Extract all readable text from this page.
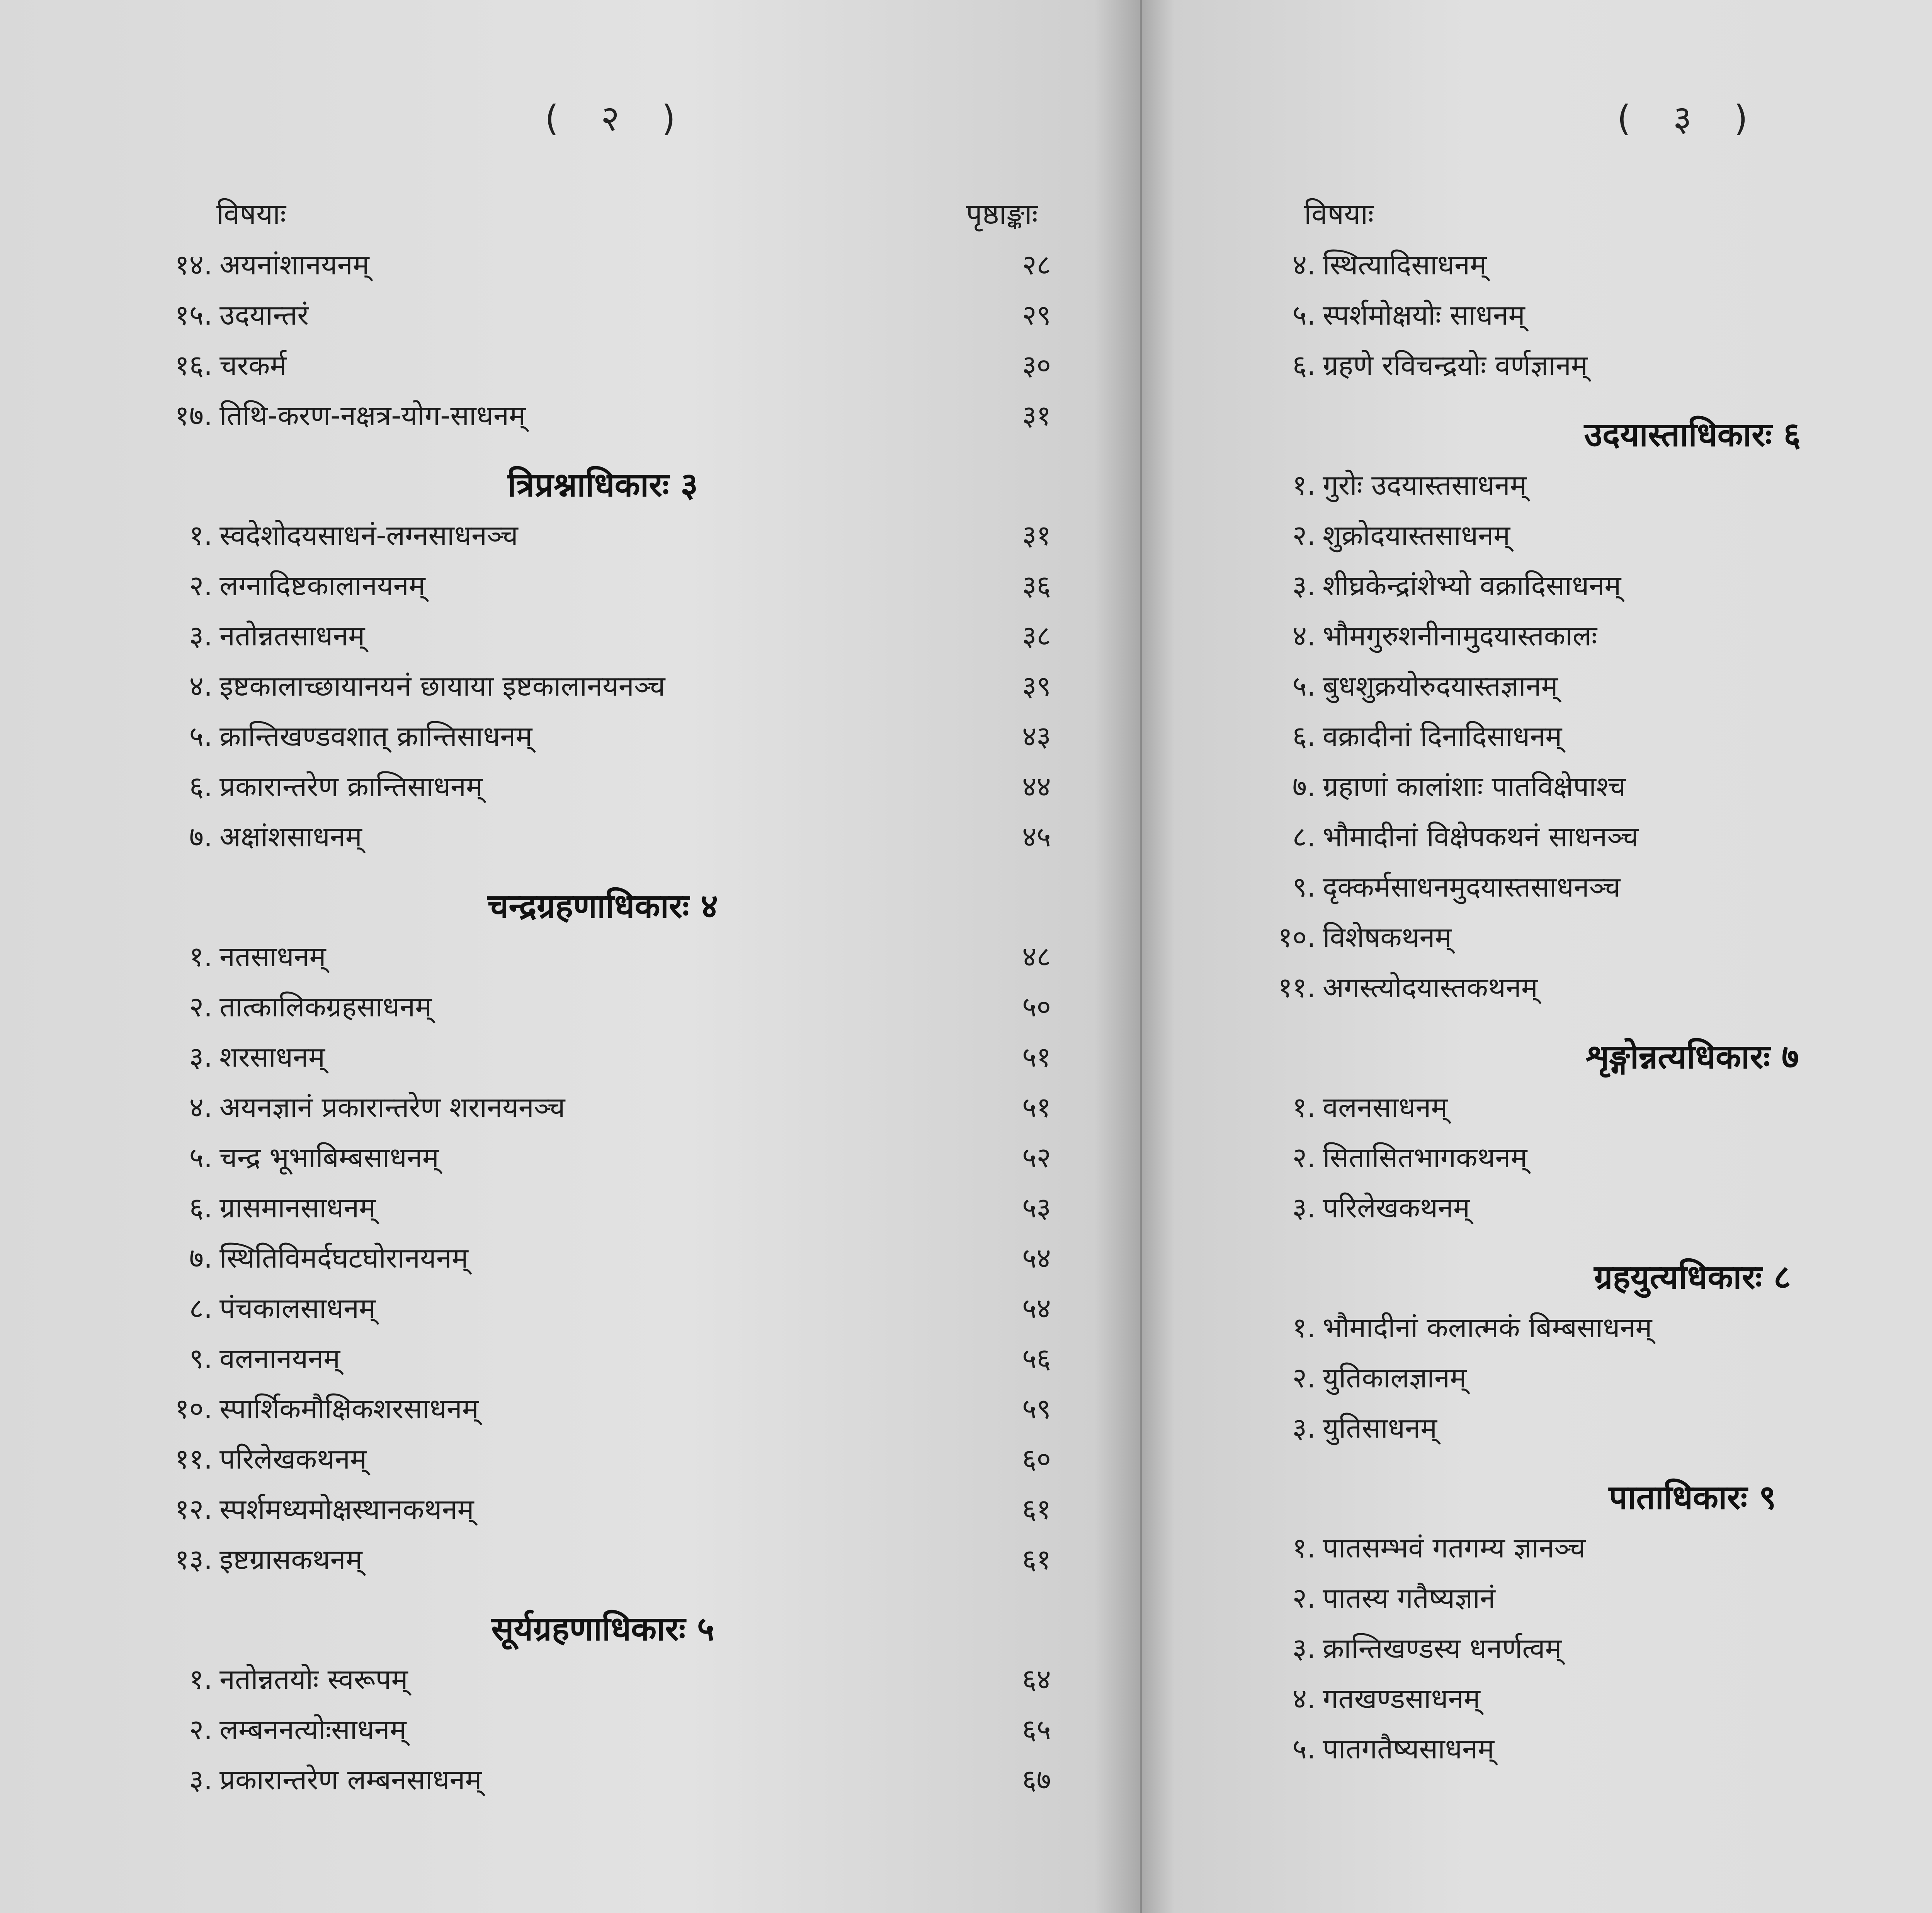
( २ )
विषयाः	पृष्ठाङ्काः
१४. अयनांशानयनम्	२८
१५. उदयान्तरं	२९
१६. चरकर्म	३०
१७. तिथि-करण-नक्षत्र-योग-साधनम्	३१
त्रिप्रश्नाधिकारः ३
१. स्वदेशोदयसाधनं-लग्नसाधनञ्च	३१
२. लग्नादिष्टकालानयनम्	३६
३. नतोन्नतसाधनम्	३८
४. इष्टकालाच्छायानयनं छायाया इष्टकालानयनञ्च	३९
५. क्रान्तिखण्डवशात् क्रान्तिसाधनम्	४३
६. प्रकारान्तरेण क्रान्तिसाधनम्	४४
७. अक्षांशसाधनम्	४५
चन्द्रग्रहणाधिकारः ४
१. नतसाधनम्	४८
२. तात्कालिकग्रहसाधनम्	५०
३. शरसाधनम्	५१
४. अयनज्ञानं प्रकारान्तरेण शरानयनञ्च	५१
५. चन्द्र भूभाबिम्बसाधनम्	५२
६. ग्रासमानसाधनम्	५३
७. स्थितिविमर्दघटघोरानयनम्	५४
८. पंचकालसाधनम्	५४
९. वलनानयनम्	५६
१०. स्पार्शिकमौक्षिकशरसाधनम्	५९
११. परिलेखकथनम्	६०
१२. स्पर्शमध्यमोक्षस्थानकथनम्	६१
१३. इष्टग्रासकथनम्	६१
सूर्यग्रहणाधिकारः ५
१. नतोन्नतयोः स्वरूपम्	६४
२. लम्बननत्योःसाधनम्	६५
३. प्रकारान्तरेण लम्बनसाधनम्	६७
( ३ )
विषयाः
४. स्थित्यादिसाधनम्
५. स्पर्शमोक्षयोः साधनम्
६. ग्रहणे रविचन्द्रयोः वर्णज्ञानम्
उदयास्ताधिकारः ६
१. गुरोः उदयास्तसाधनम्
२. शुक्रोदयास्तसाधनम्
३. शीघ्रकेन्द्रांशेभ्यो वक्रादिसाधनम्
४. भौमगुरुशनीनामुदयास्तकालः
५. बुधशुक्रयोरुदयास्तज्ञानम्
६. वक्रादीनां दिनादिसाधनम्
७. ग्रहाणां कालांशाः पातविक्षेपाश्च
८. भौमादीनां विक्षेपकथनं साधनञ्च
९. दृक्कर्मसाधनमुदयास्तसाधनञ्च
१०. विशेषकथनम्
११. अगस्त्योदयास्तकथनम्
शृङ्गोन्नत्यधिकारः ७
१. वलनसाधनम्
२. सितासितभागकथनम्
३. परिलेखकथनम्
ग्रहयुत्यधिकारः ८
१. भौमादीनां कलात्मकं बिम्बसाधनम्
२. युतिकालज्ञानम्
३. युतिसाधनम्
पाताधिकारः ९
१. पातसम्भवं गतगम्य ज्ञानञ्च
२. पातस्य गतैष्यज्ञानं
३. क्रान्तिखण्डस्य धनर्णत्वम्
४. गतखण्डसाधनम्
५. पातगतैष्यसाधनम्
